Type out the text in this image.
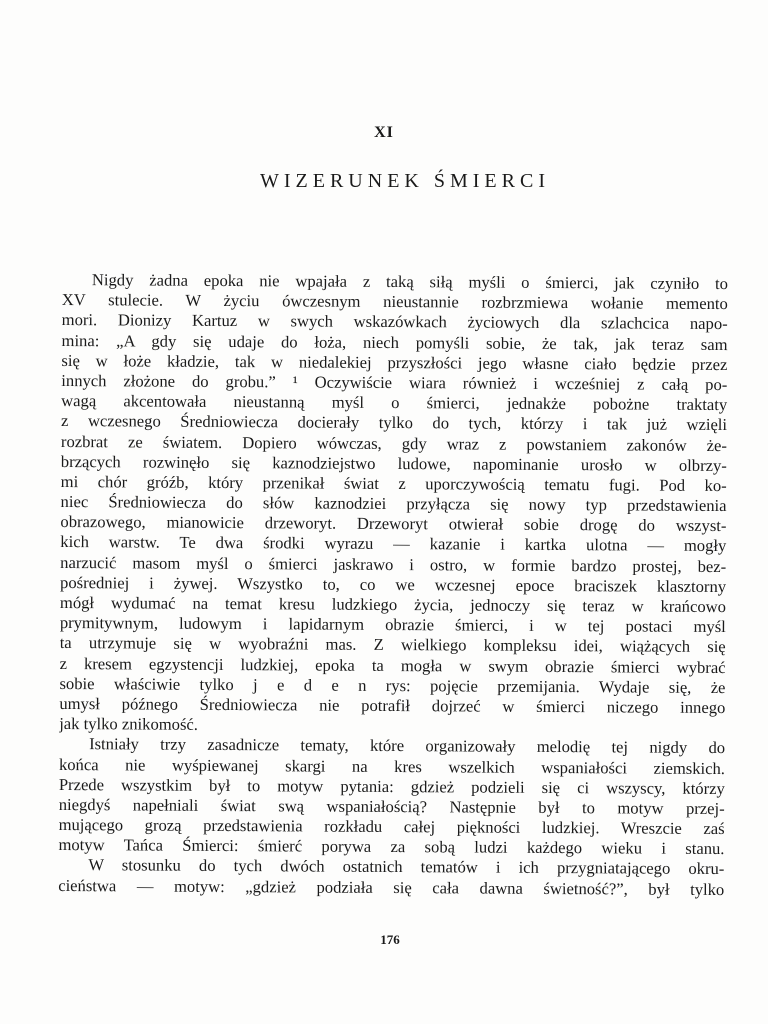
XI
WIZERUNEK ŚMIERCI
Nigdy żadna epoka nie wpajała z taką siłą myśli o śmierci, jak czyniło to
XV stulecie. W życiu ówczesnym nieustannie rozbrzmiewa wołanie memento
mori. Dionizy Kartuz w swych wskazówkach życiowych dla szlachcica napo-
mina: „A gdy się udaje do łoża, niech pomyśli sobie, że tak, jak teraz sam
się w łoże kładzie, tak w niedalekiej przyszłości jego własne ciało będzie przez
innych złożone do grobu.” ¹ Oczywiście wiara również i wcześniej z całą po-
wagą akcentowała nieustanną myśl o śmierci, jednakże pobożne traktaty
z wczesnego Średniowiecza docierały tylko do tych, którzy i tak już wzięli
rozbrat ze światem. Dopiero wówczas, gdy wraz z powstaniem zakonów że-
brzących rozwinęło się kaznodziejstwo ludowe, napominanie urosło w olbrzy-
mi chór gróźb, który przenikał świat z uporczywością tematu fugi. Pod ko-
niec Średniowiecza do słów kaznodziei przyłącza się nowy typ przedstawienia
obrazowego, mianowicie drzeworyt. Drzeworyt otwierał sobie drogę do wszyst-
kich warstw. Te dwa środki wyrazu — kazanie i kartka ulotna — mogły
narzucić masom myśl o śmierci jaskrawo i ostro, w formie bardzo prostej, bez-
pośredniej i żywej. Wszystko to, co we wczesnej epoce braciszek klasztorny
mógł wydumać na temat kresu ludzkiego życia, jednoczy się teraz w krańcowo
prymitywnym, ludowym i lapidarnym obrazie śmierci, i w tej postaci myśl
ta utrzymuje się w wyobraźni mas. Z wielkiego kompleksu idei, wiążących się
z kresem egzystencji ludzkiej, epoka ta mogła w swym obrazie śmierci wybrać
sobie właściwie tylko j e d e n rys: pojęcie przemijania. Wydaje się, że
umysł późnego Średniowiecza nie potrafił dojrzeć w śmierci niczego innego
jak tylko znikomość.
Istniały trzy zasadnicze tematy, które organizowały melodię tej nigdy do
końca nie wyśpiewanej skargi na kres wszelkich wspaniałości ziemskich.
Przede wszystkim był to motyw pytania: gdzież podzieli się ci wszyscy, którzy
niegdyś napełniali świat swą wspaniałością? Następnie był to motyw przej-
mującego grozą przedstawienia rozkładu całej piękności ludzkiej. Wreszcie zaś
motyw Tańca Śmierci: śmierć porywa za sobą ludzi każdego wieku i stanu.
W stosunku do tych dwóch ostatnich tematów i ich przygniatającego okru-
cieństwa — motyw: „gdzież podziała się cała dawna świetność?”, był tylko
176
